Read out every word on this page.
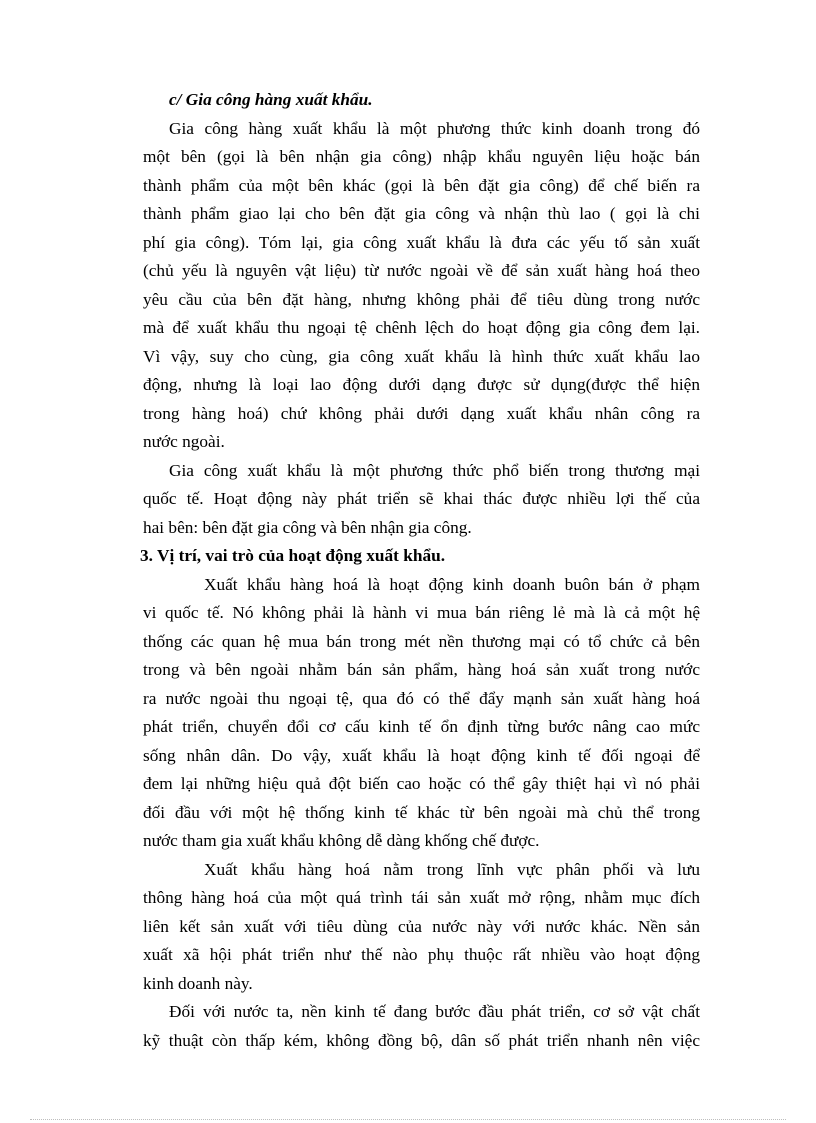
c/ Gia công hàng xuất khẩu.
Gia công hàng xuất khẩu là một phương thức kinh doanh trong đó
một bên (gọi là bên nhận gia công) nhập khẩu nguyên liệu hoặc bán
thành phẩm của một bên khác (gọi là bên đặt gia công) để chế biến ra
thành phẩm giao lại cho bên đặt gia công và nhận thù lao ( gọi là chi
phí gia công). Tóm lại, gia công xuất khẩu là đưa các yếu tố sản xuất
(chủ yếu là nguyên vật liệu) từ nước ngoài về để sản xuất hàng hoá theo
yêu cầu của bên đặt hàng, nhưng không phải để tiêu dùng trong nước
mà để xuất khẩu thu ngoại tệ chênh lệch do hoạt động gia công đem lại.
Vì vậy, suy cho cùng, gia công xuất khẩu là hình thức xuất khẩu lao
động, nhưng là loại lao động dưới dạng được sử dụng(được thể hiện
trong hàng hoá) chứ không phải dưới dạng xuất khẩu nhân công ra
nước ngoài.
Gia công xuất khẩu là một phương thức phổ biến trong thương mại
quốc tế. Hoạt động này phát triển sẽ khai thác được nhiều lợi thế của
hai bên: bên đặt gia công và bên nhận gia công.
3. Vị trí, vai trò của hoạt động xuất khẩu.
Xuất khẩu hàng hoá là hoạt động kinh doanh buôn bán ở phạm
vi quốc tế. Nó không phải là hành vi mua bán riêng lẻ mà là cả một hệ
thống các quan hệ mua bán trong mét nền thương mại có tổ chức cả bên
trong và bên ngoài nhằm bán sản phẩm, hàng hoá sản xuất trong nước
ra nước ngoài thu ngoại tệ, qua đó có thể đẩy mạnh sản xuất hàng hoá
phát triển, chuyển đổi cơ cấu kinh tế ổn định từng bước nâng cao mức
sống nhân dân. Do vậy, xuất khẩu là hoạt động kinh tế đối ngoại để
đem lại những hiệu quả đột biến cao hoặc có thể gây thiệt hại vì nó phải
đối đầu với một hệ thống kinh tế khác từ bên ngoài mà chủ thể trong
nước tham gia xuất khẩu không dễ dàng khống chế được.
Xuất khẩu hàng hoá nằm trong lĩnh vực phân phối và lưu
thông hàng hoá của một quá trình tái sản xuất mở rộng, nhằm mục đích
liên kết sản xuất với tiêu dùng của nước này với nước khác. Nền sản
xuất xã hội phát triển như thế nào phụ thuộc rất nhiều vào hoạt động
kinh doanh này.
Đối với nước ta, nền kinh tế đang bước đầu phát triển, cơ sở vật chất
kỹ thuật còn thấp kém, không đồng bộ, dân số phát triển nhanh nên việc
